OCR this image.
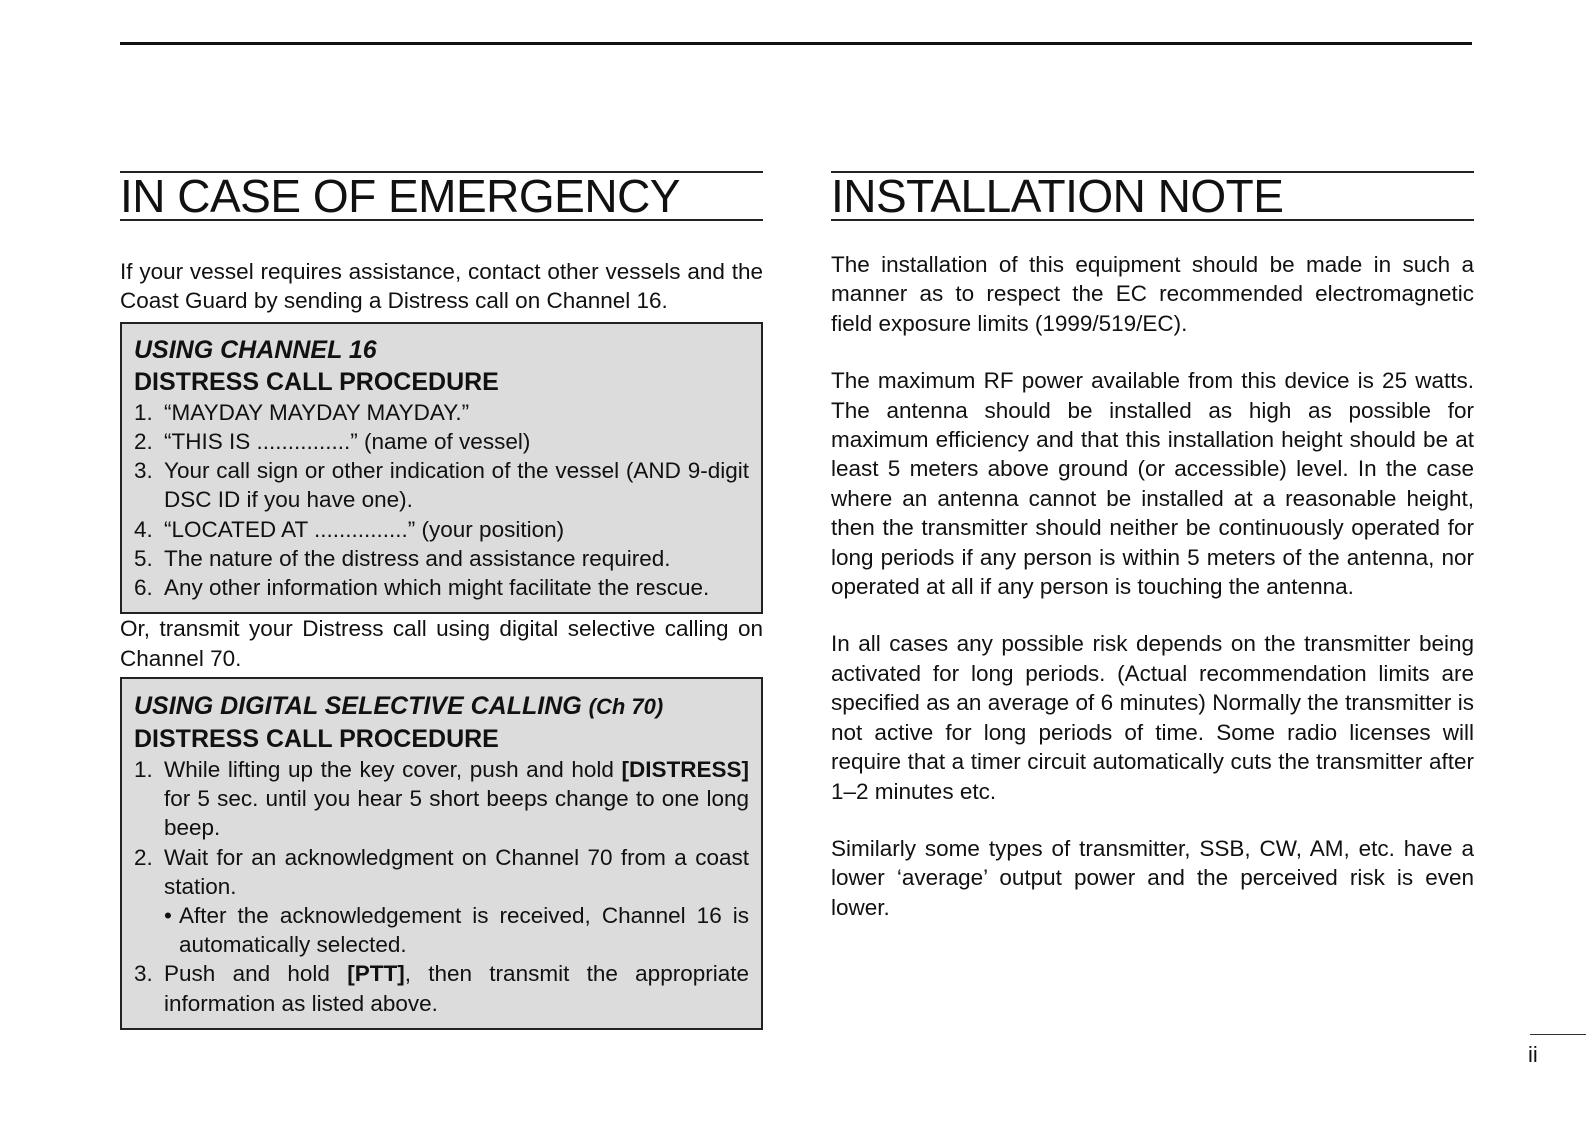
IN CASE OF EMERGENCY

If your vessel requires assistance, contact other vessels and the Coast Guard by sending a Distress call on Channel 16.

USING CHANNEL 16
DISTRESS CALL PROCEDURE
1. “MAYDAY MAYDAY MAYDAY.”
2. “THIS IS ...............” (name of vessel)
3. Your call sign or other indication of the vessel (AND 9-digit DSC ID if you have one).
4. “LOCATED AT ...............” (your position)
5. The nature of the distress and assistance required.
6. Any other information which might facilitate the rescue.

Or, transmit your Distress call using digital selective calling on Channel 70.

USING DIGITAL SELECTIVE CALLING (Ch 70)
DISTRESS CALL PROCEDURE
1. While lifting up the key cover, push and hold [DISTRESS] for 5 sec. until you hear 5 short beeps change to one long beep.
2. Wait for an acknowledgment on Channel 70 from a coast station.
• After the acknowledgement is received, Channel 16 is automatically selected.
3. Push and hold [PTT], then transmit the appropriate information as listed above.
INSTALLATION NOTE

The installation of this equipment should be made in such a manner as to respect the EC recommended electromagnetic field exposure limits (1999/519/EC).

The maximum RF power available from this device is 25 watts. The antenna should be installed as high as possible for maximum efficiency and that this installation height should be at least 5 meters above ground (or accessible) level. In the case where an antenna cannot be installed at a reasonable height, then the transmitter should neither be continuously operated for long periods if any person is within 5 meters of the antenna, nor operated at all if any person is touching the antenna.

In all cases any possible risk depends on the transmitter being activated for long periods. (Actual recommendation limits are specified as an average of 6 minutes) Normally the transmitter is not active for long periods of time. Some radio licenses will require that a timer circuit automatically cuts the transmitter after 1–2 minutes etc.

Similarly some types of transmitter, SSB, CW, AM, etc. have a lower ‘average’ output power and the perceived risk is even lower.

ii
